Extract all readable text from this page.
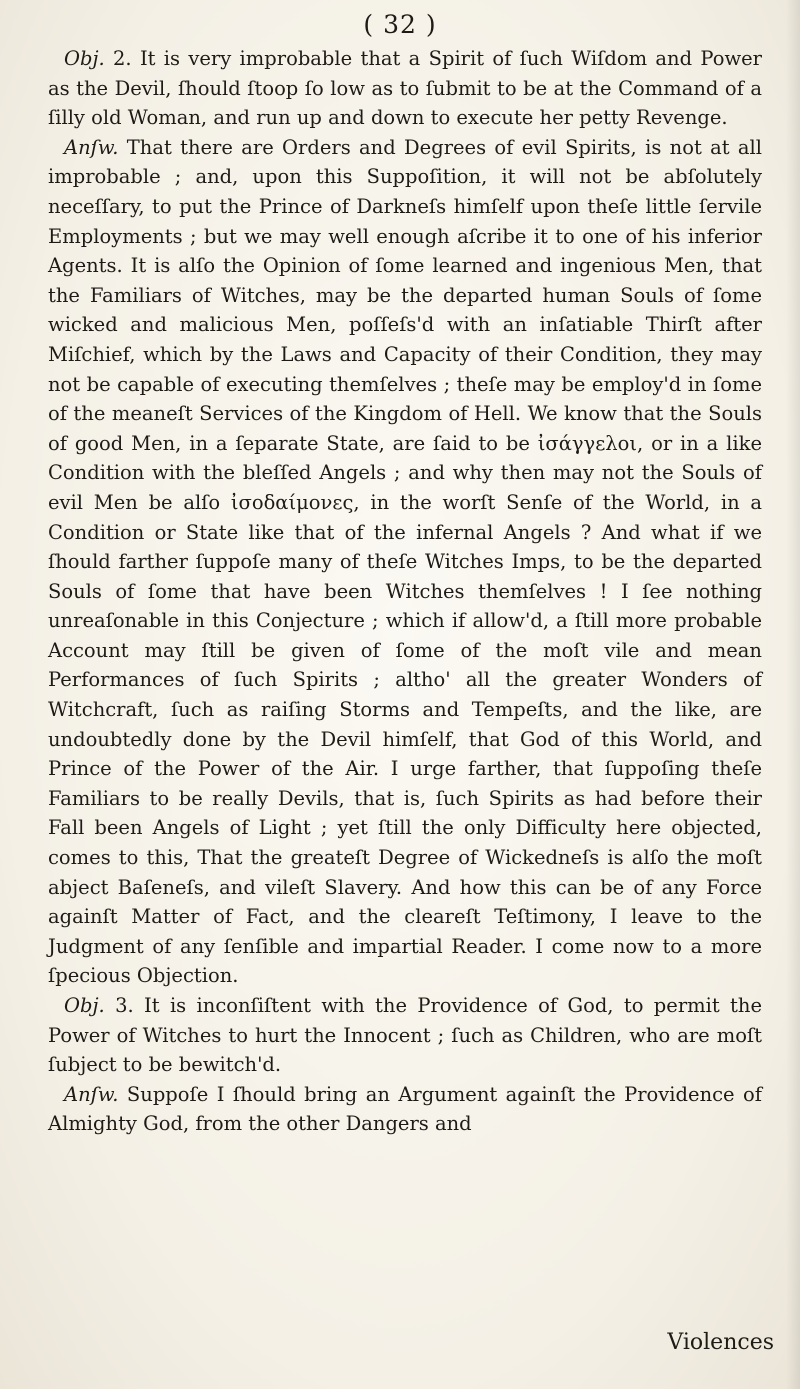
( 32 )

Obj. 2. It is very improbable that a Spirit of ſuch Wiſdom and Power as the Devil, ſhould ſtoop ſo low as to ſubmit to be at the Command of a ſilly old Woman, and run up and down to execute her petty Revenge.

Anſw. That there are Orders and Degrees of evil Spirits, is not at all improbable ; and, upon this Suppoſition, it will not be abſolutely neceſſary, to put the Prince of Darkneſs himſelf upon theſe little ſervile Employments ; but we may well enough aſcribe it to one of his inferior Agents. It is alſo the Opinion of ſome learned and ingenious Men, that the Familiars of Witches, may be the departed human Souls of ſome wicked and malicious Men, poſſeſs'd with an inſatiable Thirſt after Miſchief, which by the Laws and Capacity of their Condition, they may not be capable of executing themſelves ; theſe may be employ'd in ſome of the meaneſt Services of the Kingdom of Hell. We know that the Souls of good Men, in a ſeparate State, are ſaid to be ἰσάγγελοι, or in a like Condition with the bleſſed Angels ; and why then may not the Souls of evil Men be alſo ἰσοδαίμονες, in the worſt Senſe of the World, in a Condition or State like that of the infernal Angels ? And what if we ſhould farther ſuppoſe many of theſe Witches Imps, to be the departed Souls of ſome that have been Witches themſelves ! I ſee nothing unreaſonable in this Conjecture ; which if allow'd, a ſtill more probable Account may ſtill be given of ſome of the moſt vile and mean Performances of ſuch Spirits ; altho' all the greater Wonders of Witchcraft, ſuch as raiſing Storms and Tempeſts, and the like, are undoubtedly done by the Devil himſelf, that God of this World, and Prince of the Power of the Air. I urge farther, that ſuppoſing theſe Familiars to be really Devils, that is, ſuch Spirits as had before their Fall been Angels of Light ; yet ſtill the only Difficulty here objected, comes to this, That the greateſt Degree of Wickedneſs is alſo the moſt abject Baſeneſs, and vileſt Slavery. And how this can be of any Force againſt Matter of Fact, and the cleareſt Teſtimony, I leave to the Judgment of any ſenſible and impartial Reader. I come now to a more ſpecious Objection.

Obj. 3. It is inconſiſtent with the Providence of God, to permit the Power of Witches to hurt the Innocent ; ſuch as Children, who are moſt ſubject to be bewitch'd.

Anſw. Suppoſe I ſhould bring an Argument againſt the Providence of Almighty God, from the other Dangers and

Violences
